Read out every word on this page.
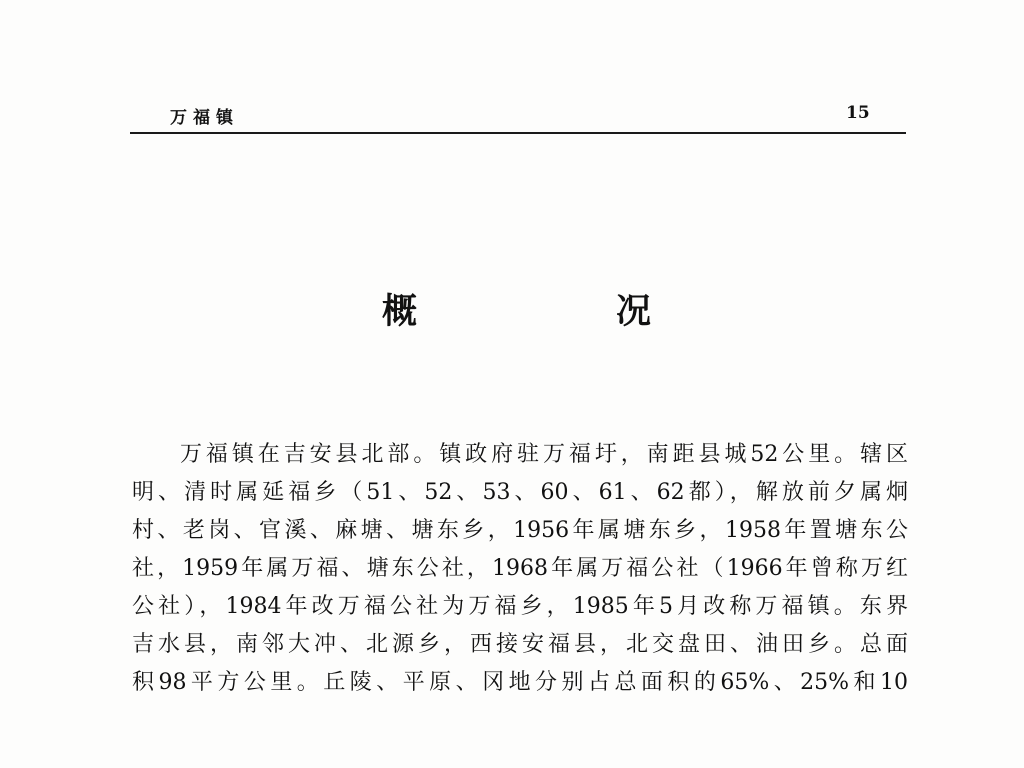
万福镇	15
概	况
万福镇在吉安县北部。镇政府驻万福圩，南距县城52公里。辖区
明、清时属延福乡（51、52、53、60、61、62都），解放前夕属炯
村、老岗、官溪、麻塘、塘东乡，1956年属塘东乡，1958年置塘东公
社，1959年属万福、塘东公社，1968年属万福公社（1966年曾称万红
公社），1984年改万福公社为万福乡，1985年5月改称万福镇。东界
吉水县，南邻大冲、北源乡，西接安福县，北交盘田、油田乡。总面
积98平方公里。丘陵、平原、冈地分别占总面积的65%、25%和10
